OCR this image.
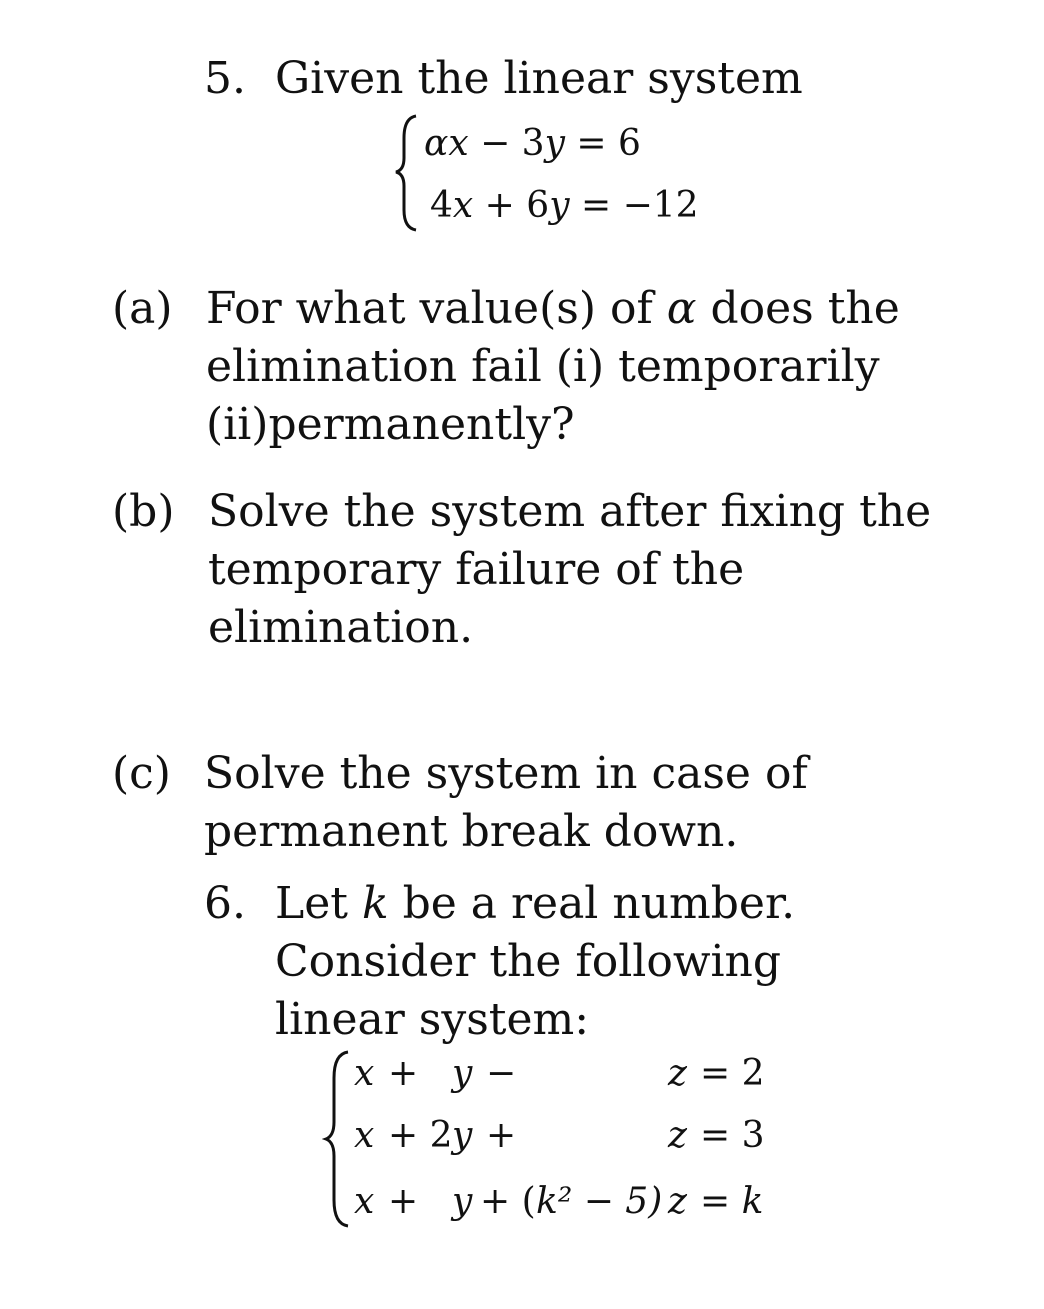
5. Given the linear system
αx − 3y = 6
4x + 6y = −12
(a) For what value(s) of α does the
elimination fail (i) temporarily
(ii)permanently?
(b) Solve the system after fixing the
temporary failure of the
elimination.
(c) Solve the system in case of
permanent break down.
6. Let k be a real number.
Consider the following
linear system:
x + y −	z = 2
x + 2 y +	z = 3
x + y + ( k² − 5) z = k
